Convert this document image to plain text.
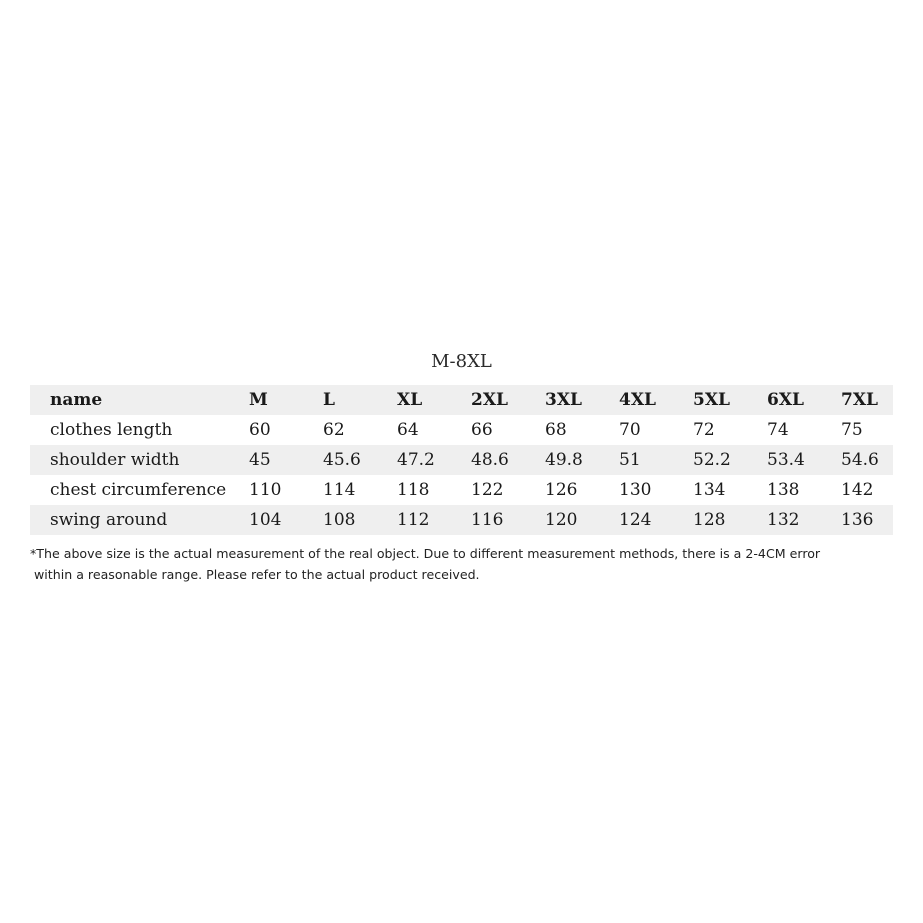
M-8XL
name	M	L	XL	2XL	3XL	4XL	5XL	6XL	7XL
clothes length	60	62	64	66	68	70	72	74	75
shoulder width	45	45.6	47.2	48.6	49.8	51	52.2	53.4	54.6
chest circumference	110	114	118	122	126	130	134	138	142
swing around	104	108	112	116	120	124	128	132	136
*The above size is the actual measurement of the real object. Due to different measurement methods, there is a 2-4CM error
within a reasonable range. Please refer to the actual product received.
